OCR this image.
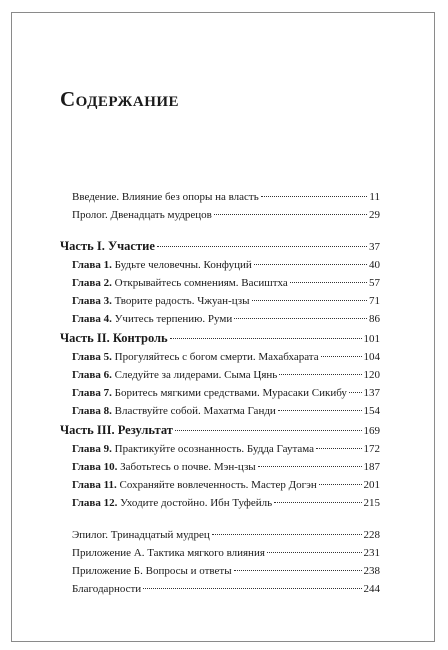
Содержание
Введение. Влияние без опоры на власть	11
Пролог. Двенадцать мудрецов	29
Часть I. Участие	37
Глава 1. Будьте человечны. Конфуций	40
Глава 2. Открывайтесь сомнениям. Васиштха	57
Глава 3. Творите радость. Чжуан-цзы	71
Глава 4. Учитесь терпению. Руми	86
Часть II. Контроль	101
Глава 5. Прогуляйтесь с богом смерти. Махабхарата	104
Глава 6. Следуйте за лидерами. Сыма Цянь	120
Глава 7. Боритесь мягкими средствами. Мурасаки Сикибу 137
Глава 8. Властвуйте собой. Махатма Ганди	154
Часть III. Результат	169
Глава 9. Практикуйте осознанность. Будда Гаутама	172
Глава 10. Заботьтесь о почве. Мэн-цзы	187
Глава 11. Сохраняйте вовлеченность. Мастер Догэн	201
Глава 12. Уходите достойно. Ибн Туфейль	215
Эпилог. Тринадцатый мудрец	228
Приложение А. Тактика мягкого влияния	231
Приложение Б. Вопросы и ответы	238
Благодарности	244
